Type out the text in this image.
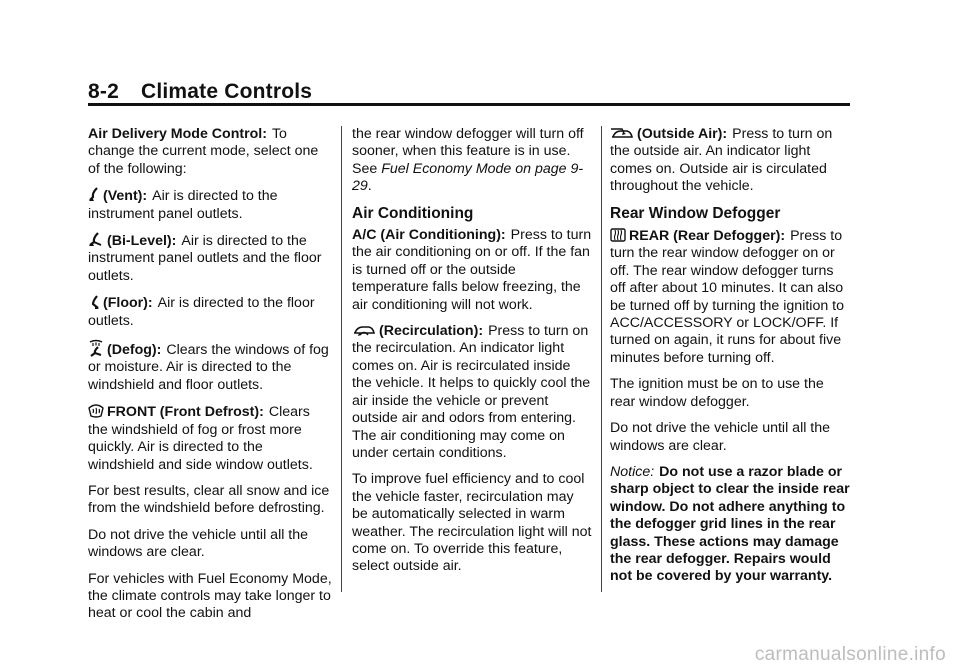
8-2 Climate Controls

Air Delivery Mode Control: To change the current mode, select one of the following:

(Vent): Air is directed to the instrument panel outlets.

(Bi-Level): Air is directed to the instrument panel outlets and the floor outlets.

(Floor): Air is directed to the floor outlets.

(Defog): Clears the windows of fog or moisture. Air is directed to the windshield and floor outlets.

FRONT (Front Defrost): Clears the windshield of fog or frost more quickly. Air is directed to the windshield and side window outlets.

For best results, clear all snow and ice from the windshield before defrosting.

Do not drive the vehicle until all the windows are clear.

For vehicles with Fuel Economy Mode, the climate controls may take longer to heat or cool the cabin and

the rear window defogger will turn off sooner, when this feature is in use. See Fuel Economy Mode on page 9-29.

Air Conditioning

A/C (Air Conditioning): Press to turn the air conditioning on or off. If the fan is turned off or the outside temperature falls below freezing, the air conditioning will not work.

(Recirculation): Press to turn on the recirculation. An indicator light comes on. Air is recirculated inside the vehicle. It helps to quickly cool the air inside the vehicle or prevent outside air and odors from entering. The air conditioning may come on under certain conditions.

To improve fuel efficiency and to cool the vehicle faster, recirculation may be automatically selected in warm weather. The recirculation light will not come on. To override this feature, select outside air.

(Outside Air): Press to turn on the outside air. An indicator light comes on. Outside air is circulated throughout the vehicle.

Rear Window Defogger

REAR (Rear Defogger): Press to turn the rear window defogger on or off. The rear window defogger turns off after about 10 minutes. It can also be turned off by turning the ignition to ACC/ACCESSORY or LOCK/OFF. If turned on again, it runs for about five minutes before turning off.

The ignition must be on to use the rear window defogger.

Do not drive the vehicle until all the windows are clear.

Notice: Do not use a razor blade or sharp object to clear the inside rear window. Do not adhere anything to the defogger grid lines in the rear glass. These actions may damage the rear defogger. Repairs would not be covered by your warranty.

carmanualsonline.info
